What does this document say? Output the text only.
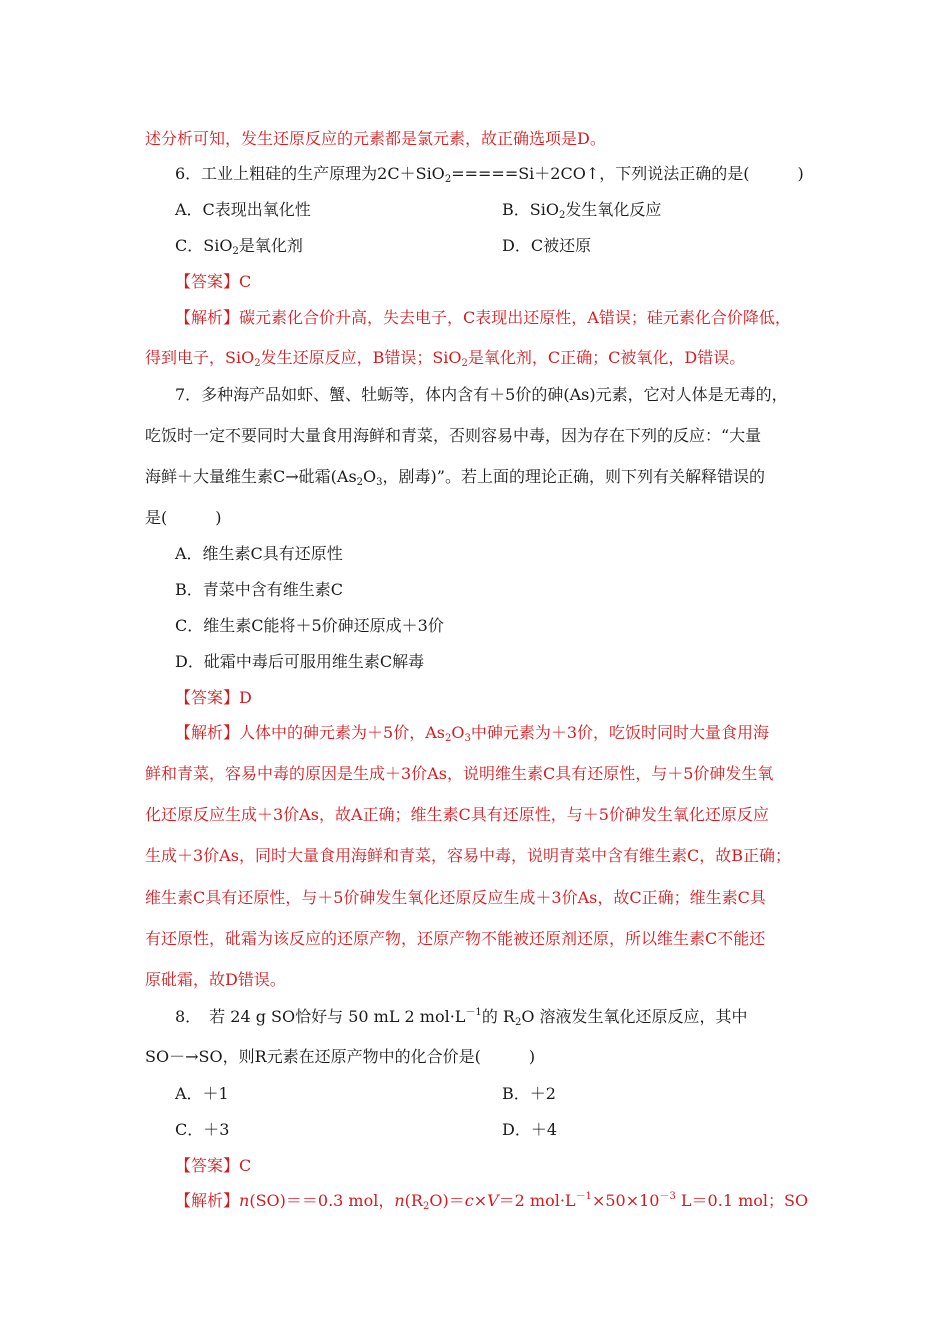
述分析可知，发生还原反应的元素都是氯元素，故正确选项是D。
6．工业上粗硅的生产原理为2C＋SiO$_2$=====Si＋2CO↑，下列说法正确的是(　　　)
A．C表现出氧化性	B．SiO$_2$发生氧化反应
C．SiO$_2$是氧化剂	D．C被还原
【答案】C
【解析】碳元素化合价升高，失去电子，C表现出还原性，A错误；硅元素化合价降低，
得到电子，SiO$_2$发生还原反应，B错误；SiO$_2$是氧化剂，C正确；C被氧化，D错误。
7．多种海产品如虾、蟹、牡蛎等，体内含有＋5价的砷(As)元素，它对人体是无毒的，
吃饭时一定不要同时大量食用海鲜和青菜，否则容易中毒，因为存在下列的反应：“大量
海鲜＋大量维生素C→砒霜($As_2O_3$，剧毒)”。若上面的理论正确，则下列有关解释错误的
是(　　　)
A．维生素C具有还原性
B．青菜中含有维生素C
C．维生素C能将＋5价砷还原成＋3价
D．砒霜中毒后可服用维生素C解毒
【答案】D
【解析】人体中的砷元素为＋5价，$As_2O_3$中砷元素为＋3价，吃饭时同时大量食用海
鲜和青菜，容易中毒的原因是生成＋3价As，说明维生素C具有还原性，与＋5价砷发生氧
化还原反应生成＋3价As，故A正确；维生素C具有还原性，与＋5价砷发生氧化还原反应
生成＋3价As，同时大量食用海鲜和青菜，容易中毒，说明青菜中含有维生素C，故B正确；
维生素C具有还原性，与＋5价砷发生氧化还原反应生成＋3价As，故C正确；维生素C具
有还原性，砒霜为该反应的还原产物，还原产物不能被还原剂还原，所以维生素C不能还
原砒霜，故D错误。
8．　若 24 g SO恰好与 50 mL 2 $mol\cdot L^{-1}$的 $R_2O$ 溶液发生氧化还原反应，其中
SO－→SO，则R元素在还原产物中的化合价是(　　　)
A．＋1	B．＋2
C．＋3	D．＋4
【答案】C
【解析】n(SO)＝＝0.3 mol，$n(R_2O)=c\times V=2$ $mol\cdot L^{-1}\times 50\times 10^{-3}$ L＝0.1 mol；SO
